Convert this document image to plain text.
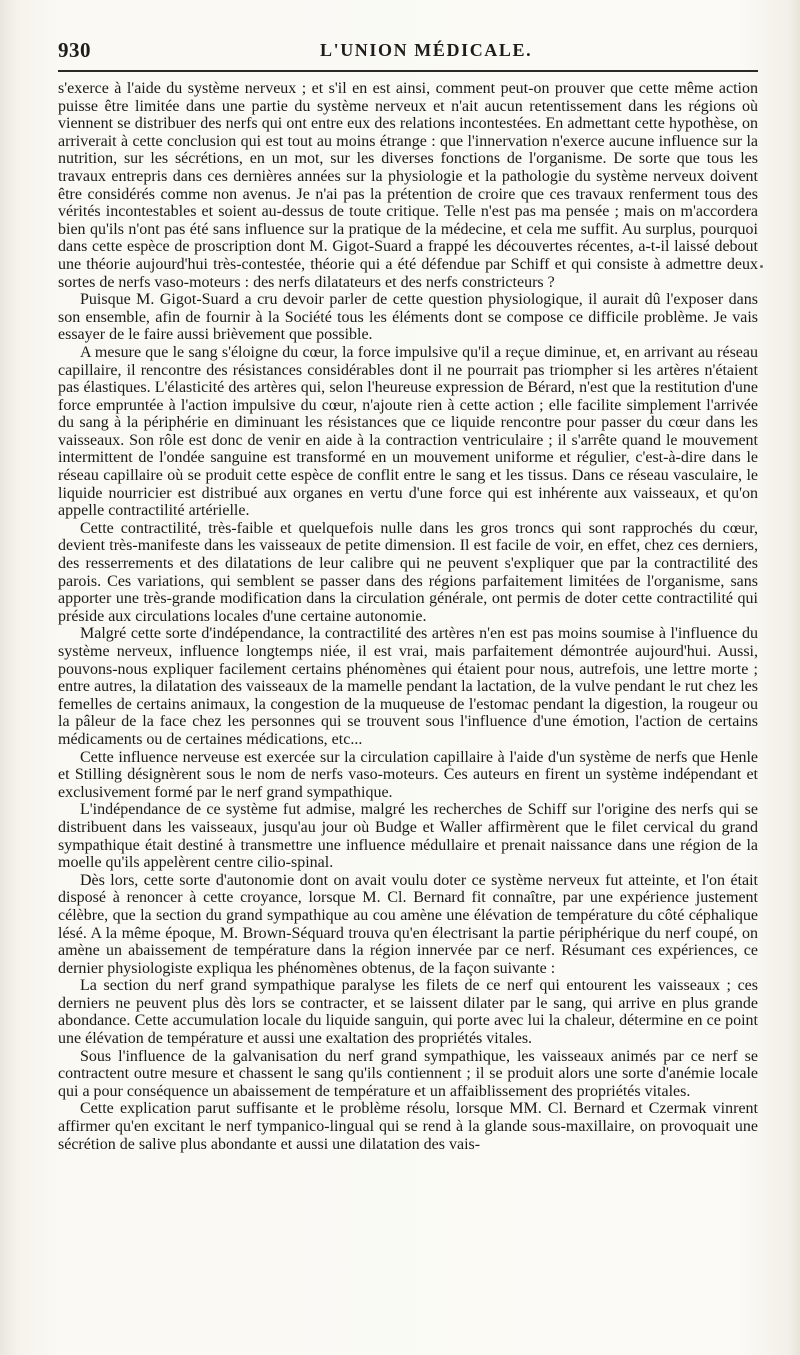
930	L'UNION MÉDICALE.

s'exerce à l'aide du système nerveux ; et s'il en est ainsi, comment peut-on prouver que cette même action puisse être limitée dans une partie du système nerveux et n'ait aucun retentissement dans les régions où viennent se distribuer des nerfs qui ont entre eux des relations incontestées. En admettant cette hypothèse, on arriverait à cette conclusion qui est tout au moins étrange : que l'innervation n'exerce aucune influence sur la nutrition, sur les sécrétions, en un mot, sur les diverses fonctions de l'organisme. De sorte que tous les travaux entrepris dans ces dernières années sur la physiologie et la pathologie du système nerveux doivent être considérés comme non avenus. Je n'ai pas la prétention de croire que ces travaux renferment tous des vérités incontestables et soient au-dessus de toute critique. Telle n'est pas ma pensée ; mais on m'accordera bien qu'ils n'ont pas été sans influence sur la pratique de la médecine, et cela me suffit. Au surplus, pourquoi dans cette espèce de proscription dont M. Gigot-Suard a frappé les découvertes récentes, a-t-il laissé debout une théorie aujourd'hui très-contestée, théorie qui a été défendue par Schiff et qui consiste à admettre deux sortes de nerfs vaso-moteurs : des nerfs dilatateurs et des nerfs constricteurs ?

Puisque M. Gigot-Suard a cru devoir parler de cette question physiologique, il aurait dû l'exposer dans son ensemble, afin de fournir à la Société tous les éléments dont se compose ce difficile problème. Je vais essayer de le faire aussi brièvement que possible.

A mesure que le sang s'éloigne du cœur, la force impulsive qu'il a reçue diminue, et, en arrivant au réseau capillaire, il rencontre des résistances considérables dont il ne pourrait pas triompher si les artères n'étaient pas élastiques. L'élasticité des artères qui, selon l'heureuse expression de Bérard, n'est que la restitution d'une force empruntée à l'action impulsive du cœur, n'ajoute rien à cette action ; elle facilite simplement l'arrivée du sang à la périphérie en diminuant les résistances que ce liquide rencontre pour passer du cœur dans les vaisseaux. Son rôle est donc de venir en aide à la contraction ventriculaire ; il s'arrête quand le mouvement intermittent de l'ondée sanguine est transformé en un mouvement uniforme et régulier, c'est-à-dire dans le réseau capillaire où se produit cette espèce de conflit entre le sang et les tissus. Dans ce réseau vasculaire, le liquide nourricier est distribué aux organes en vertu d'une force qui est inhérente aux vaisseaux, et qu'on appelle contractilité artérielle.

Cette contractilité, très-faible et quelquefois nulle dans les gros troncs qui sont rapprochés du cœur, devient très-manifeste dans les vaisseaux de petite dimension. Il est facile de voir, en effet, chez ces derniers, des resserrements et des dilatations de leur calibre qui ne peuvent s'expliquer que par la contractilité des parois. Ces variations, qui semblent se passer dans des régions parfaitement limitées de l'organisme, sans apporter une très-grande modification dans la circulation générale, ont permis de doter cette contractilité qui préside aux circulations locales d'une certaine autonomie.

Malgré cette sorte d'indépendance, la contractilité des artères n'en est pas moins soumise à l'influence du système nerveux, influence longtemps niée, il est vrai, mais parfaitement démontrée aujourd'hui. Aussi, pouvons-nous expliquer facilement certains phénomènes qui étaient pour nous, autrefois, une lettre morte ; entre autres, la dilatation des vaisseaux de la mamelle pendant la lactation, de la vulve pendant le rut chez les femelles de certains animaux, la congestion de la muqueuse de l'estomac pendant la digestion, la rougeur ou la pâleur de la face chez les personnes qui se trouvent sous l'influence d'une émotion, l'action de certains médicaments ou de certaines médications, etc...

Cette influence nerveuse est exercée sur la circulation capillaire à l'aide d'un système de nerfs que Henle et Stilling désignèrent sous le nom de nerfs vaso-moteurs. Ces auteurs en firent un système indépendant et exclusivement formé par le nerf grand sympathique.

L'indépendance de ce système fut admise, malgré les recherches de Schiff sur l'origine des nerfs qui se distribuent dans les vaisseaux, jusqu'au jour où Budge et Waller affirmèrent que le filet cervical du grand sympathique était destiné à transmettre une influence médullaire et prenait naissance dans une région de la moelle qu'ils appelèrent centre cilio-spinal.

Dès lors, cette sorte d'autonomie dont on avait voulu doter ce système nerveux fut atteinte, et l'on était disposé à renoncer à cette croyance, lorsque M. Cl. Bernard fit connaître, par une expérience justement célèbre, que la section du grand sympathique au cou amène une élévation de température du côté céphalique lésé. A la même époque, M. Brown-Séquard trouva qu'en électrisant la partie périphérique du nerf coupé, on amène un abaissement de température dans la région innervée par ce nerf. Résumant ces expériences, ce dernier physiologiste expliqua les phénomènes obtenus, de la façon suivante :

La section du nerf grand sympathique paralyse les filets de ce nerf qui entourent les vaisseaux ; ces derniers ne peuvent plus dès lors se contracter, et se laissent dilater par le sang, qui arrive en plus grande abondance. Cette accumulation locale du liquide sanguin, qui porte avec lui la chaleur, détermine en ce point une élévation de température et aussi une exaltation des propriétés vitales.

Sous l'influence de la galvanisation du nerf grand sympathique, les vaisseaux animés par ce nerf se contractent outre mesure et chassent le sang qu'ils contiennent ; il se produit alors une sorte d'anémie locale qui a pour conséquence un abaissement de température et un affaiblissement des propriétés vitales.

Cette explication parut suffisante et le problème résolu, lorsque MM. Cl. Bernard et Czermak vinrent affirmer qu'en excitant le nerf tympanico-lingual qui se rend à la glande sous-maxillaire, on provoquait une sécrétion de salive plus abondante et aussi une dilatation des vais-
